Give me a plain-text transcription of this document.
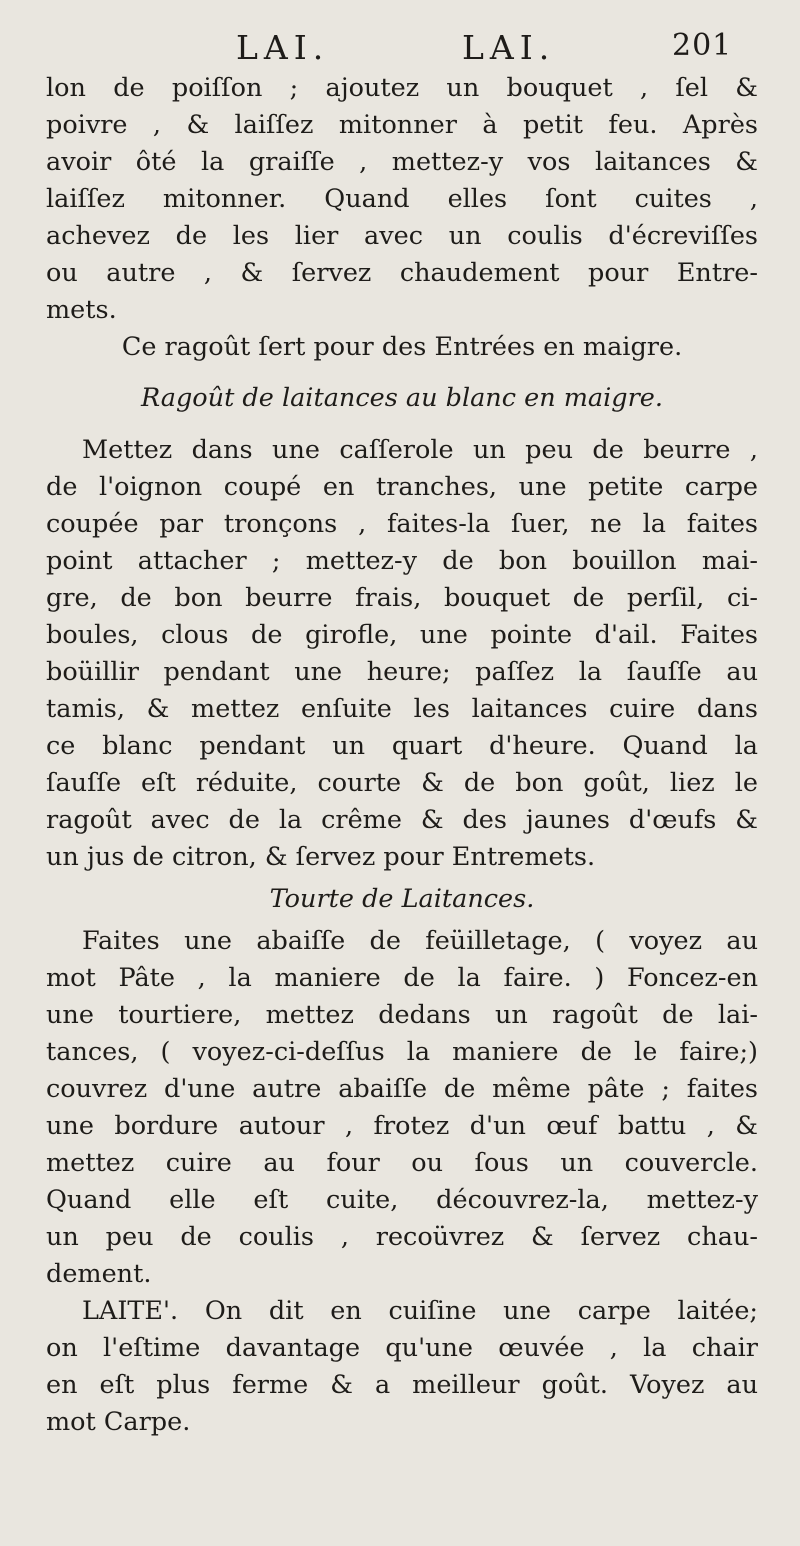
LAI.	LAI.	201
lon de poiſſon ; ajoutez un bouquet , ſel &
poivre , & laiſſez mitonner à petit feu. Après
avoir ôté la graiſſe , mettez-y vos laitances &
laiſſez mitonner. Quand elles ſont cuites ,
achevez de les lier avec un coulis d'écreviſſes
ou autre , & ſervez chaudement pour Entre-
mets.
Ce ragoût ſert pour des Entrées en maigre.
Ragoût de laitances au blanc en maigre.
Mettez dans une caſſerole un peu de beurre ,
de l'oignon coupé en tranches, une petite carpe
coupée par tronçons , faites-la ſuer, ne la faites
point attacher ; mettez-y de bon bouillon mai-
gre, de bon beurre frais, bouquet de perſil, ci-
boules, clous de girofle, une pointe d'ail. Faites
boüillir pendant une heure; paſſez la ſauſſe au
tamis, & mettez enſuite les laitances cuire dans
ce blanc pendant un quart d'heure. Quand la
ſauſſe eſt réduite, courte & de bon goût, liez le
ragoût avec de la crême & des jaunes d'œufs &
un jus de citron, & ſervez pour Entremets.
Tourte de Laitances.
Faites une abaiſſe de feüilletage, ( voyez au
mot Pâte , la maniere de la faire. ) Foncez-en
une tourtiere, mettez dedans un ragoût de lai-
tances, ( voyez-ci-deſſus la maniere de le faire;)
couvrez d'une autre abaiſſe de même pâte ; faites
une bordure autour , frotez d'un œuf battu , &
mettez cuire au four ou ſous un couvercle.
Quand elle eſt cuite, découvrez-la, mettez-y
un peu de coulis , recoüvrez & ſervez chau-
dement.
LAITE'. On dit en cuiſine une carpe laitée;
on l'eſtime davantage qu'une œuvée , la chair
en eſt plus ferme & a meilleur goût. Voyez au
mot Carpe.
